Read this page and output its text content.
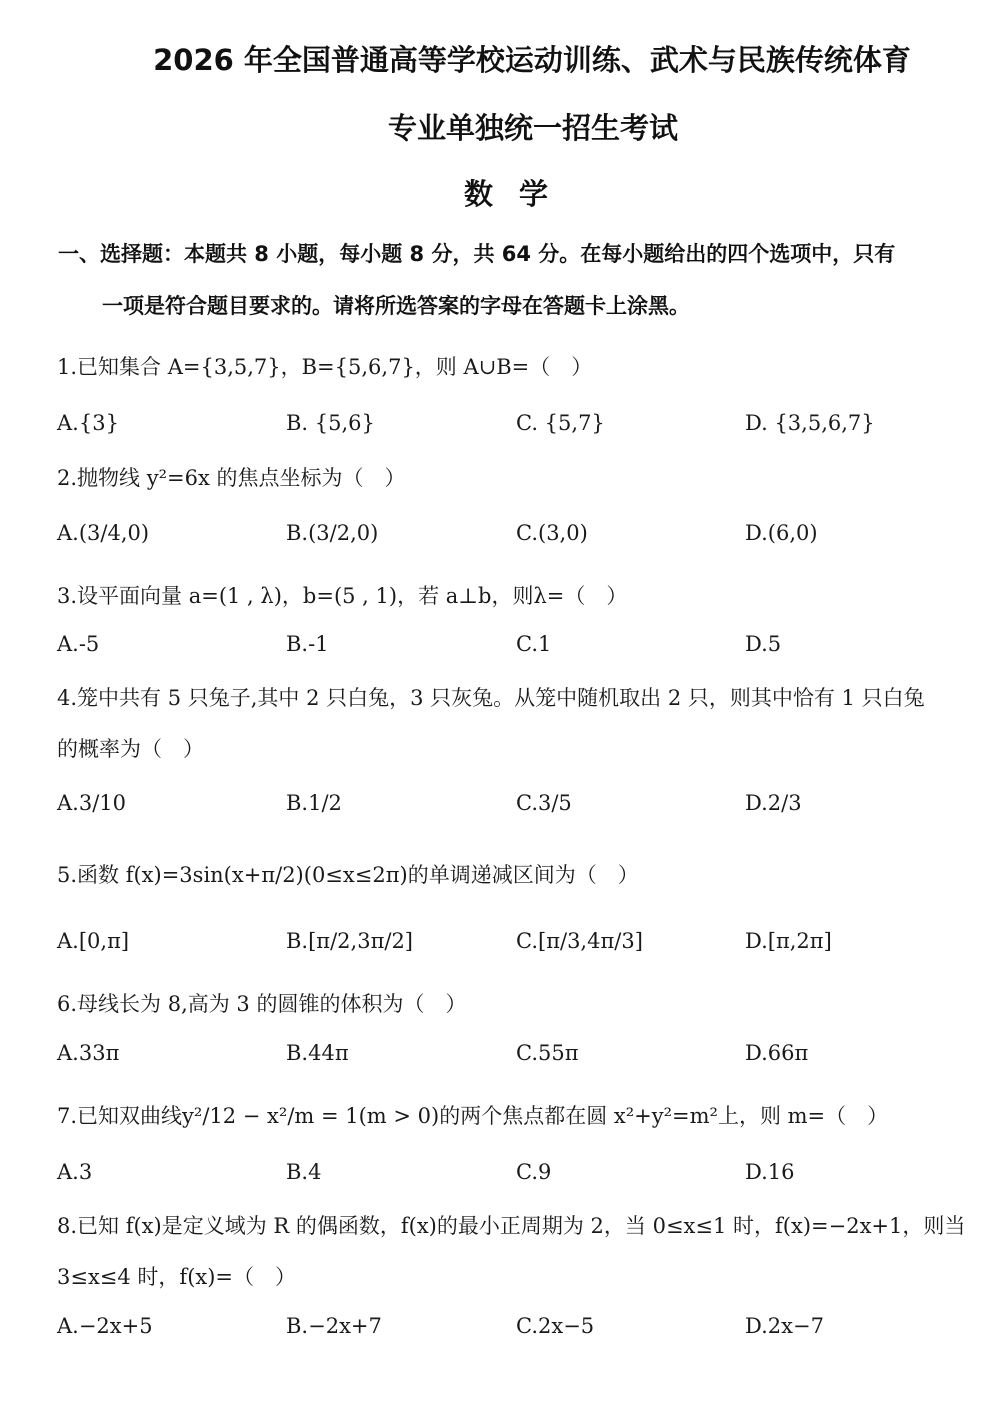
2026 年全国普通高等学校运动训练、武术与民族传统体育
专业单独统一招生考试
数学
一、选择题：本题共 8 小题，每小题 8 分，共 64 分。在每小题给出的四个选项中，只有
一项是符合题目要求的。请将所选答案的字母在答题卡上涂黑。
1.已知集合 A={3,5,7}，B={5,6,7}，则 A∪B=（　）
A.{3}	B. {5,6}	C. {5,7}	D. {3,5,6,7}
2.抛物线 y²=6x 的焦点坐标为（　）
A.(3/4,0)	B.(3/2,0)	C.(3,0)	D.(6,0)
3.设平面向量 a=(1 , λ)，b=(5 , 1)，若 a⊥b，则λ=（　）
A.-5	B.-1	C.1	D.5
4.笼中共有 5 只兔子,其中 2 只白兔，3 只灰兔。从笼中随机取出 2 只，则其中恰有 1 只白兔
的概率为（　）
A.3/10	B.1/2	C.3/5	D.2/3
5.函数 f(x)=3sin(x+π/2)(0≤x≤2π)的单调递减区间为（　）
A.[0,π]	B.[π/2,3π/2]	C.[π/3,4π/3]	D.[π,2π]
6.母线长为 8,高为 3 的圆锥的体积为（　）
A.33π	B.44π	C.55π	D.66π
7.已知双曲线y²/12 − x²/m = 1(m > 0)的两个焦点都在圆 x²+y²=m²上，则 m=（　）
A.3	B.4	C.9	D.16
8.已知 f(x)是定义域为 R 的偶函数，f(x)的最小正周期为 2，当 0≤x≤1 时，f(x)=−2x+1，则当
3≤x≤4 时，f(x)=（　）
A.−2x+5	B.−2x+7	C.2x−5	D.2x−7
